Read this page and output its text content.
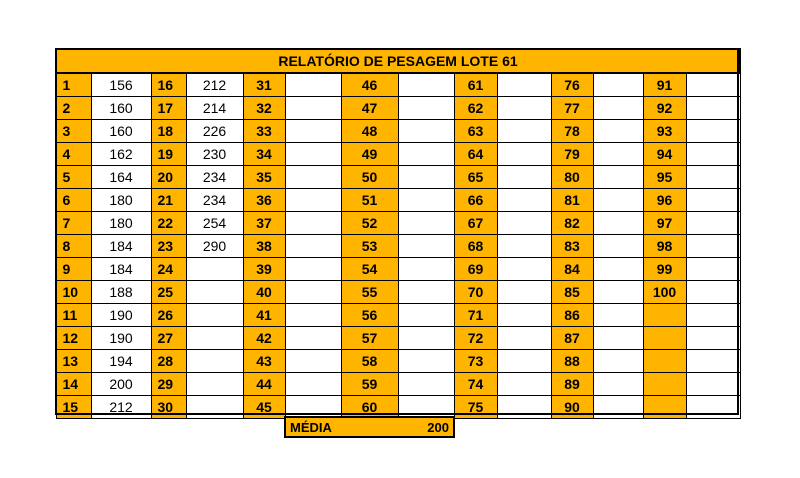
RELATÓRIO DE PESAGEM LOTE 61													
1	156	16	212	31		46		61		76		91	
2	160	17	214	32		47		62		77		92	
3	160	18	226	33		48		63		78		93	
4	162	19	230	34		49		64		79		94	
5	164	20	234	35		50		65		80		95	
6	180	21	234	36		51		66		81		96	
7	180	22	254	37		52		67		82		97	
8	184	23	290	38		53		68		83		98	
9	184	24		39		54		69		84		99	
10	188	25		40		55		70		85		100	
11	190	26		41		56		71		86			
12	190	27		42		57		72		87			
13	194	28		43		58		73		88			
14	200	29		44		59		74		89			
15	212	30		45		60		75		90			
MÉDIA	200
